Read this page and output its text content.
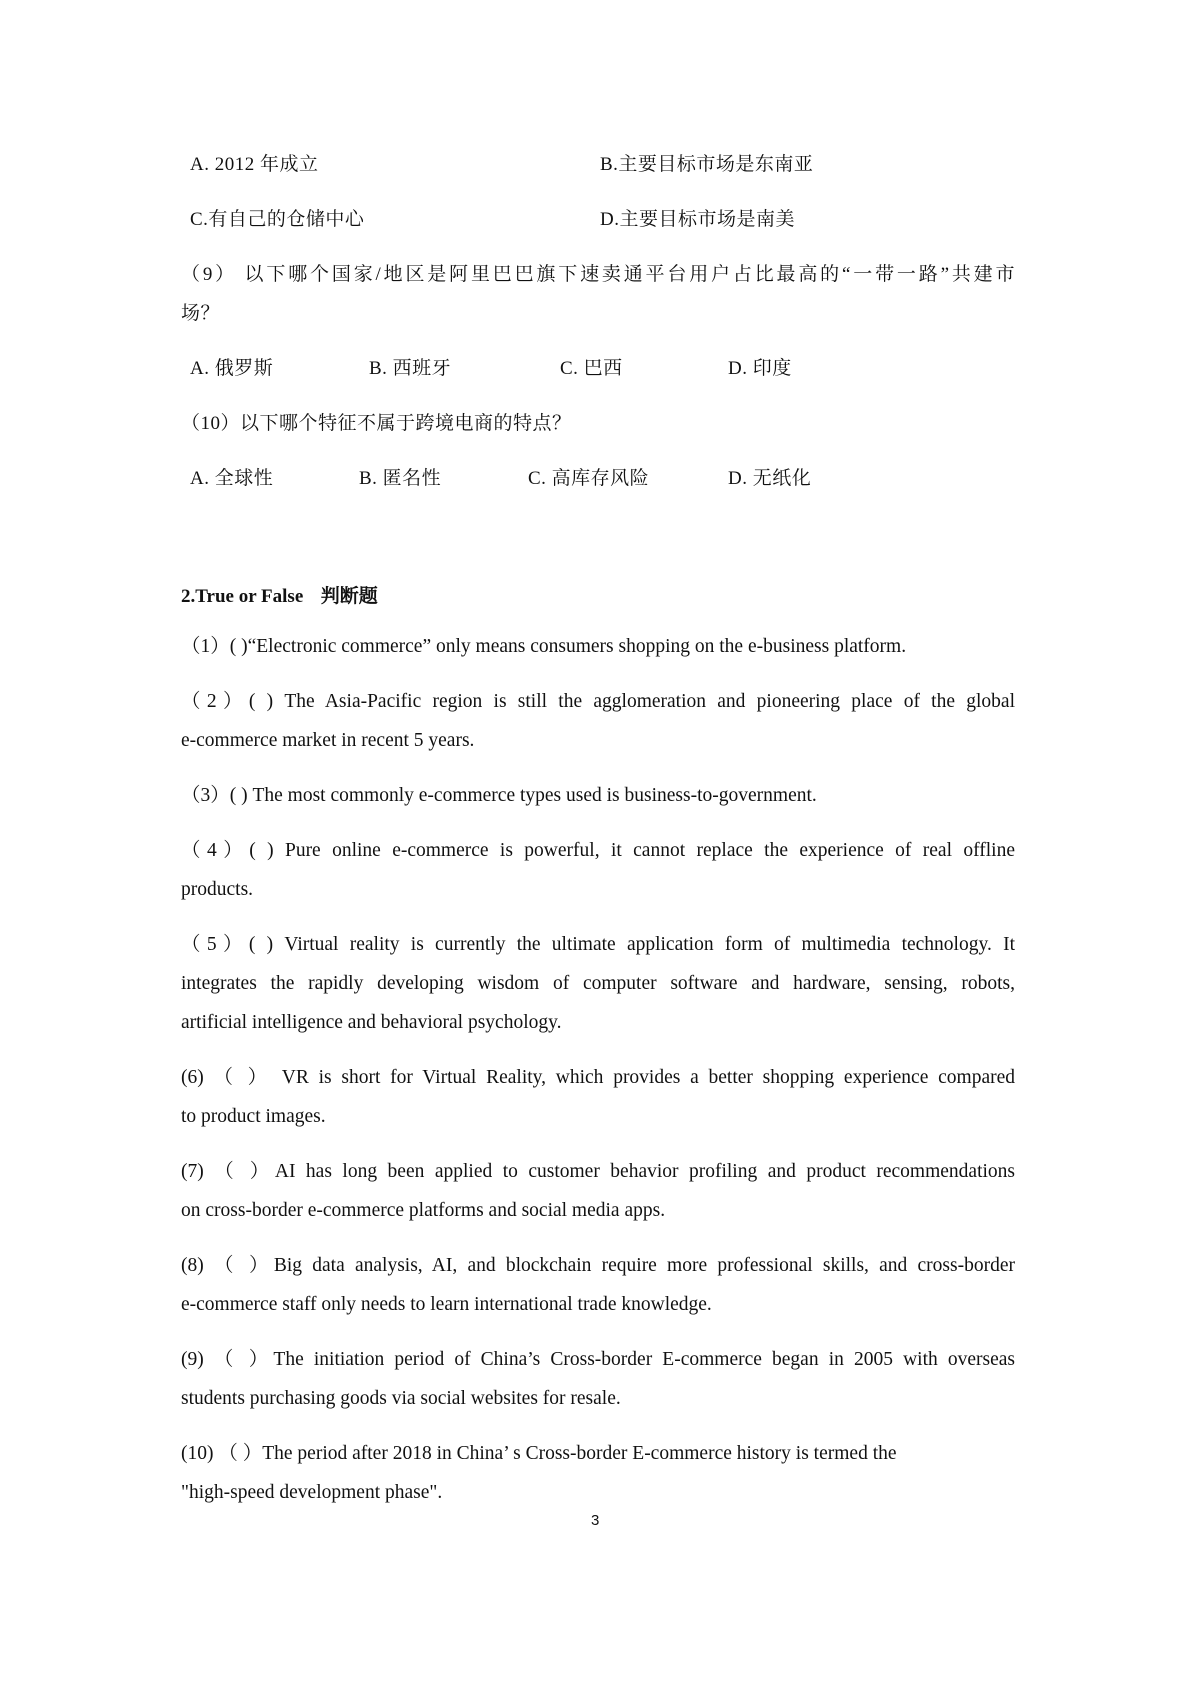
A. 2012 年成立	B.主要目标市场是东南亚
C.有自己的仓储中心	D.主要目标市场是南美
（9） 以下哪个国家/地区是阿里巴巴旗下速卖通平台用户占比最高的“一带一路”共建市
场？
A. 俄罗斯	B. 西班牙	C. 巴西	D. 印度
（10）以下哪个特征不属于跨境电商的特点？
A. 全球性	B. 匿名性	C. 高库存风险	D. 无纸化
2.True or False 判断题
（1）( )“Electronic commerce” only means consumers shopping on the e-business platform.
（2）( ) The Asia-Pacific region is still the agglomeration and pioneering place of the global
e-commerce market in recent 5 years.
（3）( ) The most commonly e-commerce types used is business-to-government.
（4）( ) Pure online e-commerce is powerful, it cannot replace the experience of real offline
products.
（5）( ) Virtual reality is currently the ultimate application form of multimedia technology. It
integrates the rapidly developing wisdom of computer software and hardware, sensing, robots,
artificial intelligence and behavioral psychology.
(6) （ ） VR is short for Virtual Reality, which provides a better shopping experience compared
to product images.
(7) （ ）AI has long been applied to customer behavior profiling and product recommendations
on cross-border e-commerce platforms and social media apps.
(8) （ ）Big data analysis, AI, and blockchain require more professional skills, and cross-border
e-commerce staff only needs to learn international trade knowledge.
(9) （ ）The initiation period of China’s Cross-border E-commerce began in 2005 with overseas
students purchasing goods via social websites for resale.
(10) （ ）The period after 2018 in China’ s Cross-border E-commerce history is termed the
"high-speed development phase".
3
